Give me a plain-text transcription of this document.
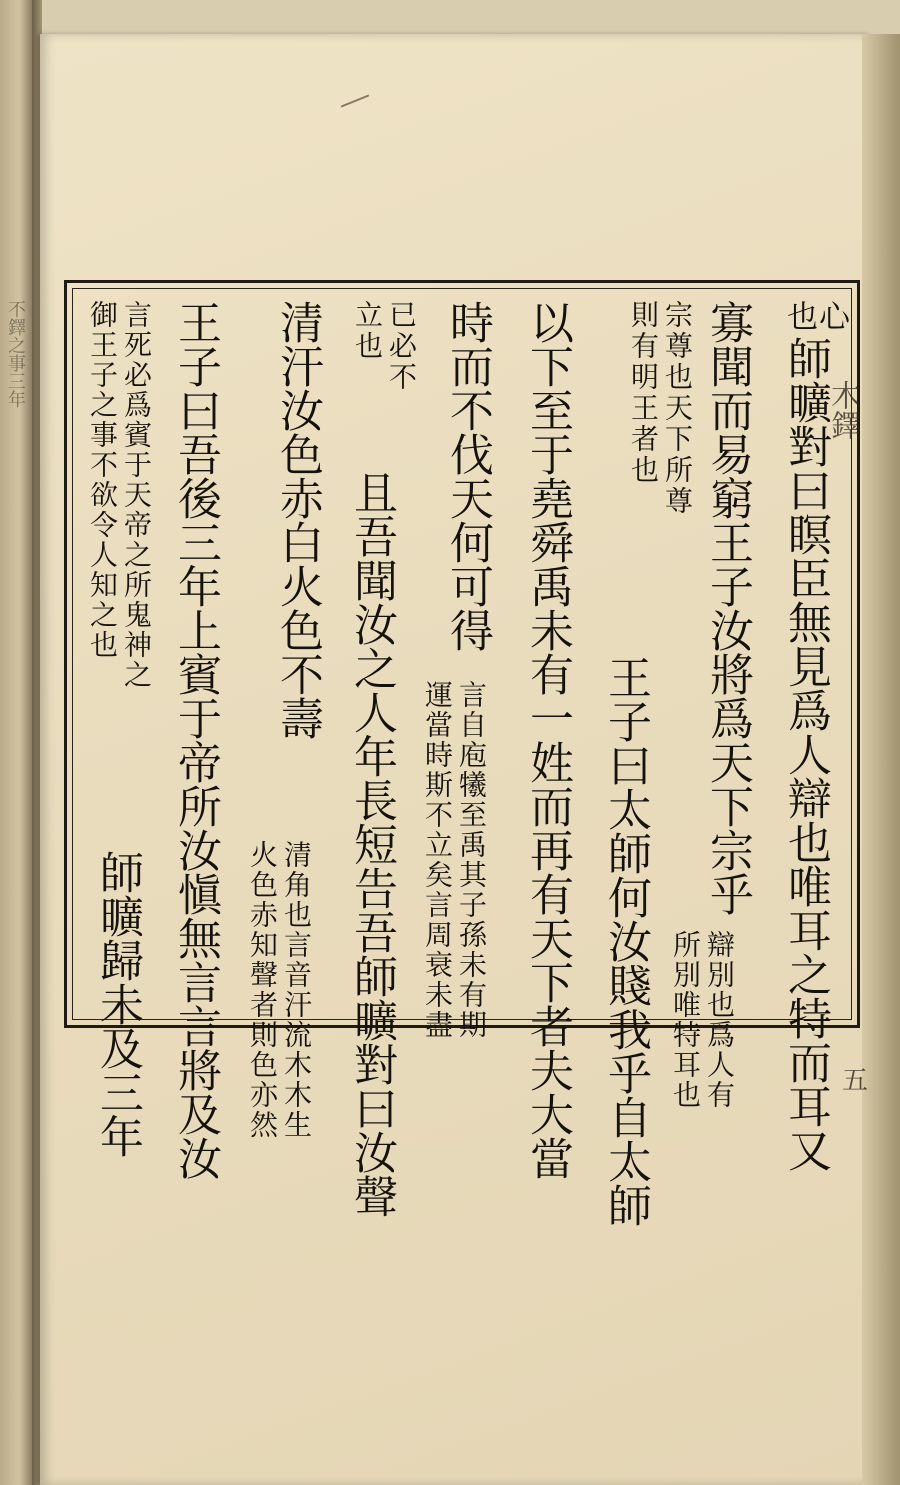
不鐸之事三年
木鐸
五
心
也
師曠對曰瞑臣無見爲人辯也唯耳之特而耳又
寡聞而易窮王子汝將爲天下宗乎
辯別也爲人有
所別唯特耳也
宗尊也天下所尊
則有明王者也
王子曰太師何汝賤我乎自太師
以下至于堯舜禹未有一姓而再有天下者夫大當
時而不伐天何可得
言自庖犧至禹其子孫未有期
運當時斯不立矣言周衰未盡
已必不
立也
且吾聞汝之人年長短告吾師曠對曰汝聲
清汗汝色赤白火色不壽
清角也言音汗流木木生
火色赤知聲者則色亦然
王子曰吾後三年上賓于帝所汝愼無言言將及汝
言死必爲賓于天帝之所鬼神之
御王子之事不欲令人知之也
師曠歸未及三年
